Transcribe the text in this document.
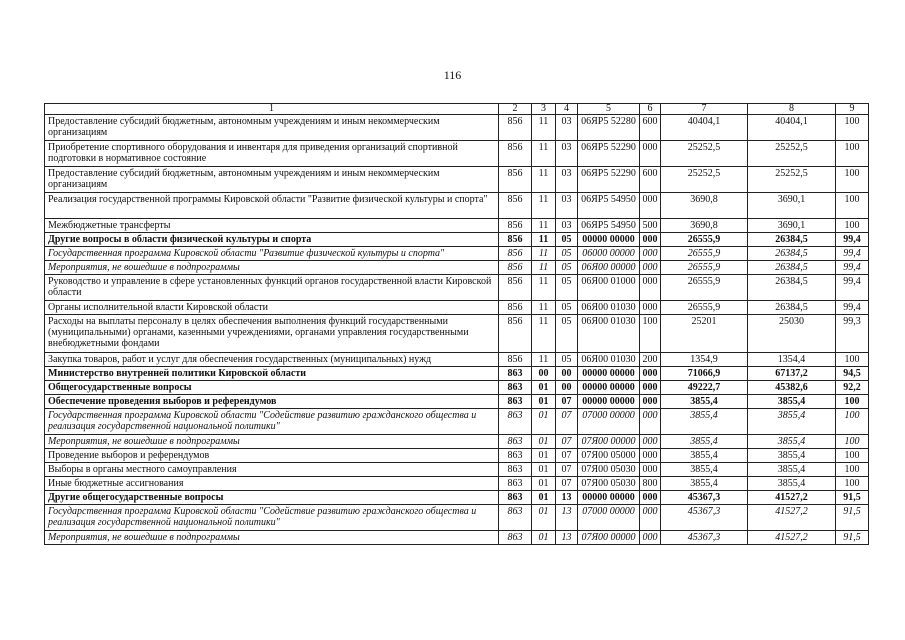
116
1	2	3	4	5	6	7	8	9
Предоставление субсидий бюджетным, автономным учреждениям и иным некоммерческим организациям	856	11	03	06ЯР5 52280	600	40404,1	40404,1	100
Приобретение спортивного оборудования и инвентаря для приведения организаций спортивной подготовки в нормативное состояние	856	11	03	06ЯР5 52290	000	25252,5	25252,5	100
Предоставление субсидий бюджетным, автономным учреждениям и иным некоммерческим организациям	856	11	03	06ЯР5 52290	600	25252,5	25252,5	100
Реализация государственной программы Кировской области "Развитие физической культуры и спорта"	856	11	03	06ЯР5 54950	000	3690,8	3690,1	100
Межбюджетные трансферты	856	11	03	06ЯР5 54950	500	3690,8	3690,1	100
Другие вопросы в области физической культуры и спорта	856	11	05	00000 00000	000	26555,9	26384,5	99,4
Государственная программа Кировской области "Развитие физической культуры и спорта"	856	11	05	06000 00000	000	26555,9	26384,5	99,4
Мероприятия, не вошедшие в подпрограммы	856	11	05	06Я00 00000	000	26555,9	26384,5	99,4
Руководство и управление в сфере установленных функций органов государственной власти Кировской области	856	11	05	06Я00 01000	000	26555,9	26384,5	99,4
Органы исполнительной власти Кировской области	856	11	05	06Я00 01030	000	26555,9	26384,5	99,4
Расходы на выплаты персоналу в целях обеспечения выполнения функций государственными (муниципальными) органами, казенными учреждениями, органами управления государственными внебюджетными фондами	856	11	05	06Я00 01030	100	25201	25030	99,3
Закупка товаров, работ и услуг для обеспечения государственных (муниципальных) нужд	856	11	05	06Я00 01030	200	1354,9	1354,4	100
Министерство внутренней политики Кировской области	863	00	00	00000 00000	000	71066,9	67137,2	94,5
Общегосударственные вопросы	863	01	00	00000 00000	000	49222,7	45382,6	92,2
Обеспечение проведения выборов и референдумов	863	01	07	00000 00000	000	3855,4	3855,4	100
Государственная программа Кировской области "Содействие развитию гражданского общества и реализация государственной национальной политики"	863	01	07	07000 00000	000	3855,4	3855,4	100
Мероприятия, не вошедшие в подпрограммы	863	01	07	07Я00 00000	000	3855,4	3855,4	100
Проведение выборов и референдумов	863	01	07	07Я00 05000	000	3855,4	3855,4	100
Выборы в органы местного самоуправления	863	01	07	07Я00 05030	000	3855,4	3855,4	100
Иные бюджетные ассигнования	863	01	07	07Я00 05030	800	3855,4	3855,4	100
Другие общегосударственные вопросы	863	01	13	00000 00000	000	45367,3	41527,2	91,5
Государственная программа Кировской области "Содействие развитию гражданского общества и реализация государственной национальной политики"	863	01	13	07000 00000	000	45367,3	41527,2	91,5
Мероприятия, не вошедшие в подпрограммы	863	01	13	07Я00 00000	000	45367,3	41527,2	91,5
